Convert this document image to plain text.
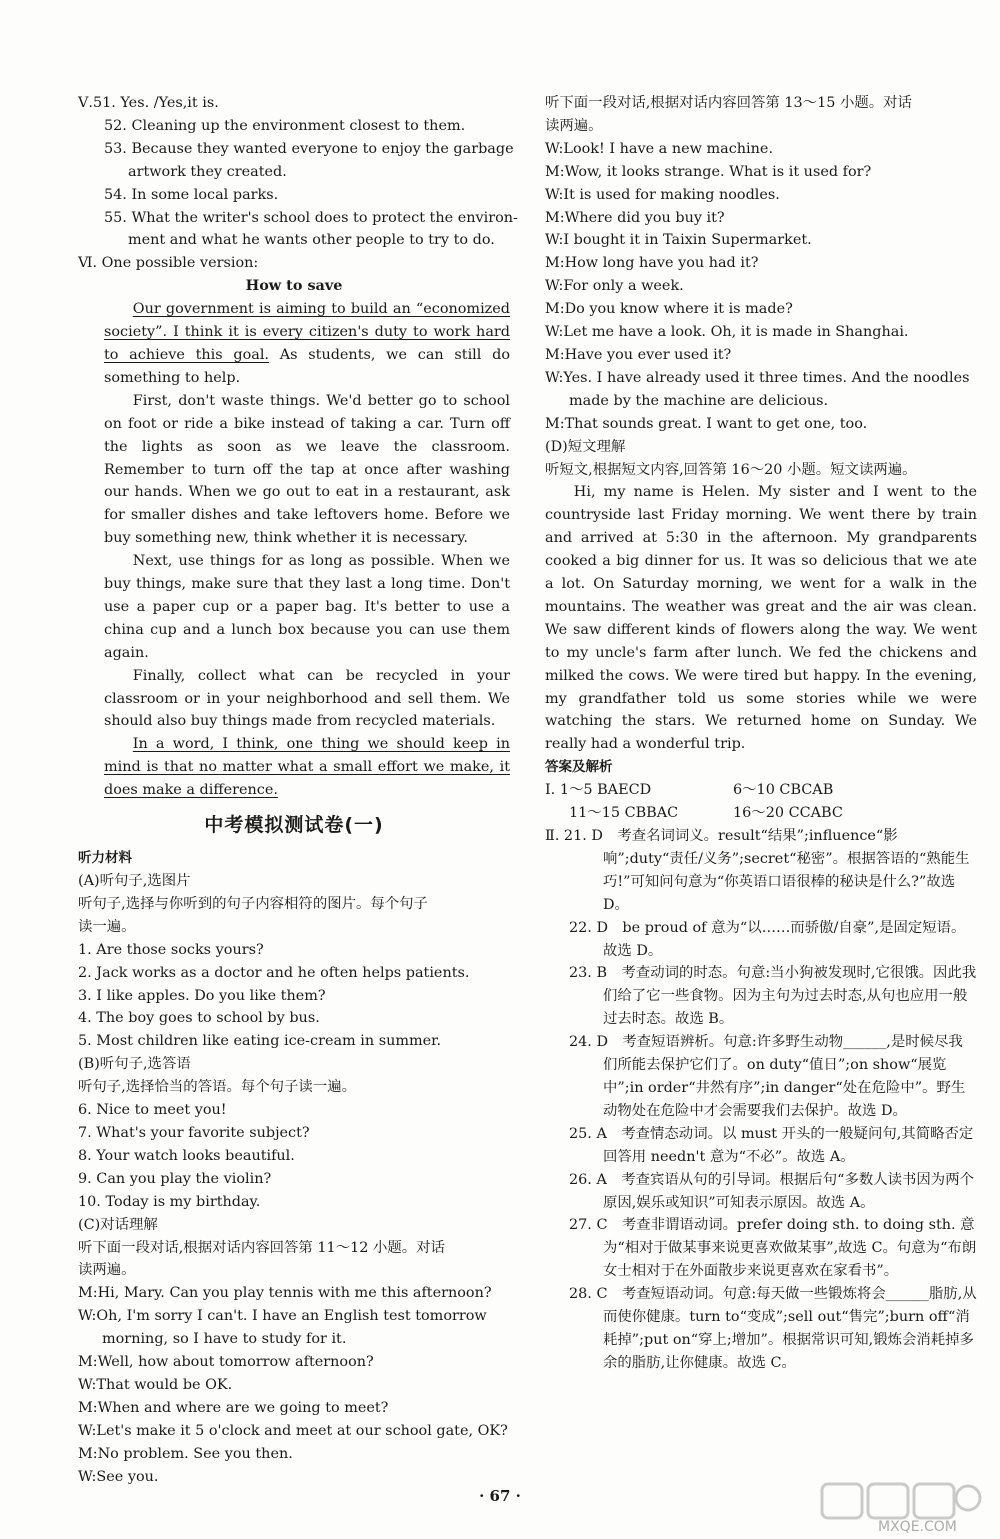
Ⅴ.51. Yes. /Yes,it is.
52. Cleaning up the environment closest to them.
53. Because they wanted everyone to enjoy the garbage
artwork they created.
54. In some local parks.
55. What the writer's school does to protect the environ-
ment and what he wants other people to try to do.
Ⅵ. One possible version:
How to save

Our government is aiming to build an “economized society”. I think it is every citizen's duty to work hard to achieve this goal. As students, we can still do something to help.

First, don't waste things. We'd better go to school on foot or ride a bike instead of taking a car. Turn off the lights as soon as we leave the classroom. Remember to turn off the tap at once after washing our hands. When we go out to eat in a restaurant, ask for smaller dishes and take leftovers home. Before we buy something new, think whether it is necessary.

Next, use things for as long as possible. When we buy things, make sure that they last a long time. Don't use a paper cup or a paper bag. It's better to use a china cup and a lunch box because you can use them again.

Finally, collect what can be recycled in your classroom or in your neighborhood and sell them. We should also buy things made from recycled materials.

In a word, I think, one thing we should keep in mind is that no matter what a small effort we make, it does make a difference.

中考模拟测试卷(一)
听力材料
(A)听句子,选图片
听句子,选择与你听到的句子内容相符的图片。每个句子
读一遍。
1. Are those socks yours?
2. Jack works as a doctor and he often helps patients.
3. I like apples. Do you like them?
4. The boy goes to school by bus.
5. Most children like eating ice-cream in summer.
(B)听句子,选答语
听句子,选择恰当的答语。每个句子读一遍。
6. Nice to meet you!
7. What's your favorite subject?
8. Your watch looks beautiful.
9. Can you play the violin?
10. Today is my birthday.
(C)对话理解
听下面一段对话,根据对话内容回答第 11～12 小题。对话
读两遍。
M:Hi, Mary. Can you play tennis with me this afternoon?
W:Oh, I'm sorry I can't. I have an English test tomorrow morning, so I have to study for it.
M:Well, how about tomorrow afternoon?
W:That would be OK.
M:When and where are we going to meet?
W:Let's make it 5 o'clock and meet at our school gate, OK?
M:No problem. See you then.
W:See you.
听下面一段对话,根据对话内容回答第 13～15 小题。对话
读两遍。
W:Look! I have a new machine.
M:Wow, it looks strange. What is it used for?
W:It is used for making noodles.
M:Where did you buy it?
W:I bought it in Taixin Supermarket.
M:How long have you had it?
W:For only a week.
M:Do you know where it is made?
W:Let me have a look. Oh, it is made in Shanghai.
M:Have you ever used it?
W:Yes. I have already used it three times. And the noodles made by the machine are delicious.
M:That sounds great. I want to get one, too.
(D)短文理解
听短文,根据短文内容,回答第 16～20 小题。短文读两遍。

Hi, my name is Helen. My sister and I went to the countryside last Friday morning. We went there by train and arrived at 5:30 in the afternoon. My grandparents cooked a big dinner for us. It was so delicious that we ate a lot. On Saturday morning, we went for a walk in the mountains. The weather was great and the air was clean. We saw different kinds of flowers along the way. We went to my uncle's farm after lunch. We fed the chickens and milked the cows. We were tired but happy. In the evening, my grandfather told us some stories while we were watching the stars. We returned home on Sunday. We really had a wonderful trip.

答案及解析
Ⅰ. 1～5 BAECD	6～10 CBCAB
11～15 CBBAC	16～20 CCABC
Ⅱ. 21. D　考查名词词义。result“结果”;influence“影响”;duty“责任/义务”;secret“秘密”。根据答语的“熟能生巧!”可知问句意为“你英语口语很棒的秘诀是什么?”故选 D。
22. D　be proud of 意为“以……而骄傲/自豪”,是固定短语。故选 D。
23. B　考查动词的时态。句意:当小狗被发现时,它很饿。因此我们给了它一些食物。因为主句为过去时态,从句也应用一般过去时态。故选 B。
24. D　考查短语辨析。句意:许多野生动物______,是时候尽我们所能去保护它们了。on duty“值日”;on show“展览中”;in order“井然有序”;in danger“处在危险中”。野生动物处在危险中才会需要我们去保护。故选 D。
25. A　考查情态动词。以 must 开头的一般疑问句,其简略否定回答用 needn't 意为“不必”。故选 A。
26. A　考查宾语从句的引导词。根据后句“多数人读书因为两个原因,娱乐或知识”可知表示原因。故选 A。
27. C　考查非谓语动词。prefer doing sth. to doing sth. 意为“相对于做某事来说更喜欢做某事”,故选 C。句意为“布朗女士相对于在外面散步来说更喜欢在家看书”。
28. C　考查短语动词。句意:每天做一些锻炼将会______脂肪,从而使你健康。turn to“变成”;sell out“售完”;burn off“消耗掉”;put on“穿上;增加”。根据常识可知,锻炼会消耗掉多余的脂肪,让你健康。故选 C。
· 67 ·
MXQE.COM
